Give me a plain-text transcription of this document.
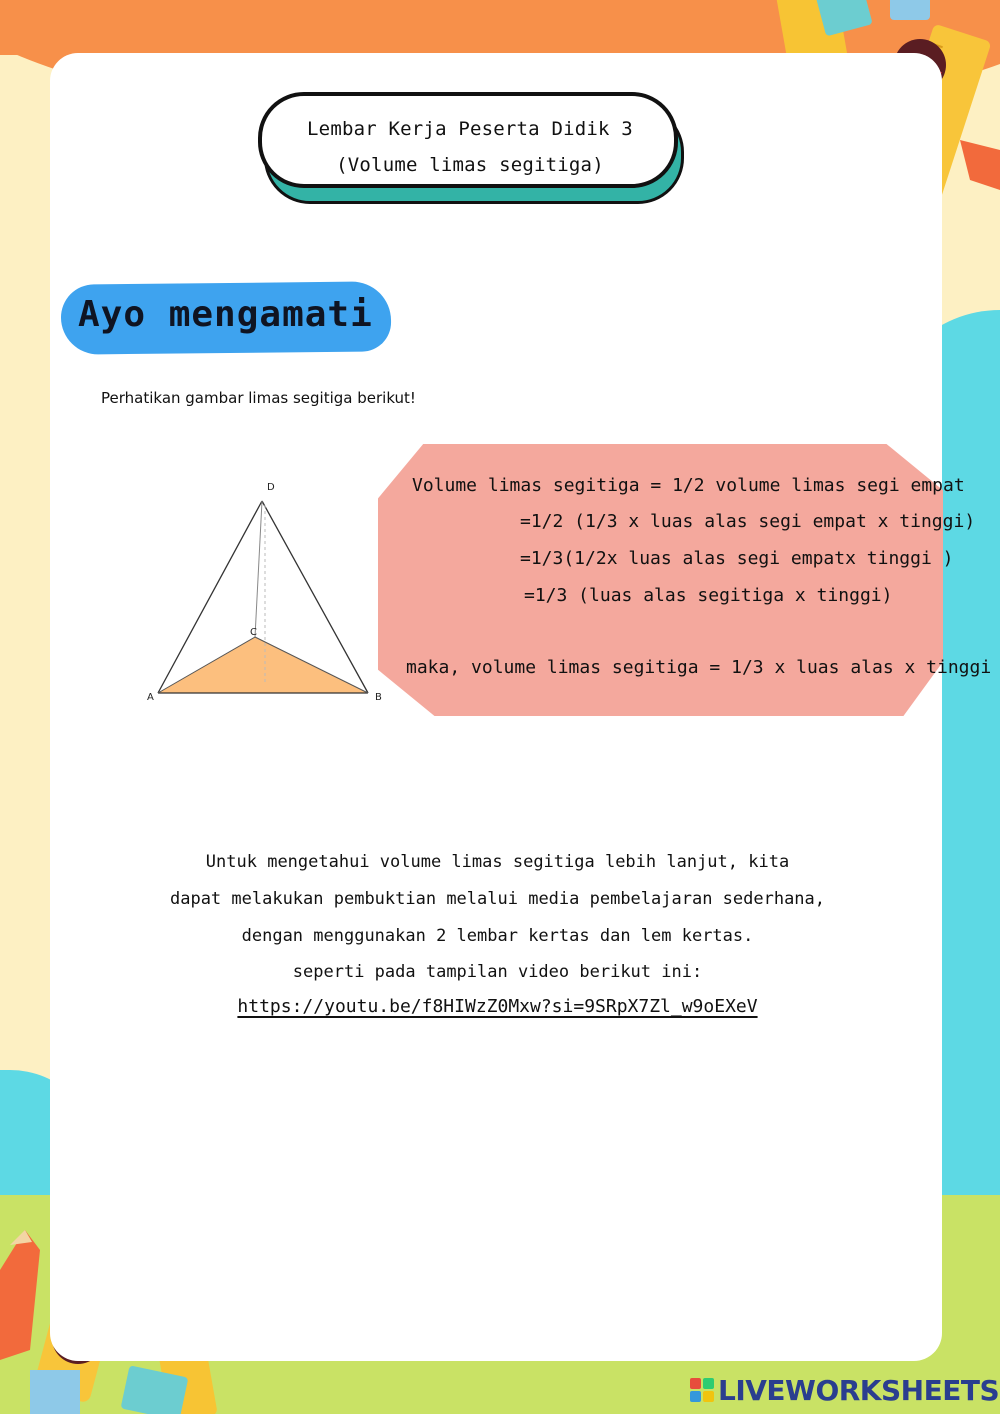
Lembar Kerja Peserta Didik 3
(Volume limas segitiga)
Ayo mengamati
Perhatikan gambar limas segitiga berikut!
D
C
A	B
Volume limas segitiga = 1/2 volume limas segi empat
=1/2 (1/3 x luas alas segi empat x tinggi)
=1/3(1/2x luas alas segi empatx tinggi )
=1/3 (luas alas segitiga x tinggi)
maka, volume limas segitiga = 1/3 x luas alas x tinggi
Untuk mengetahui volume limas segitiga lebih lanjut, kita
dapat melakukan pembuktian melalui media pembelajaran sederhana,
dengan menggunakan 2 lembar kertas dan lem kertas.
seperti pada tampilan video berikut ini:
https://youtu.be/f8HIWzZ0Mxw?si=9SRpX7Zl_w9oEXeV
LIVEWORKSHEETS
